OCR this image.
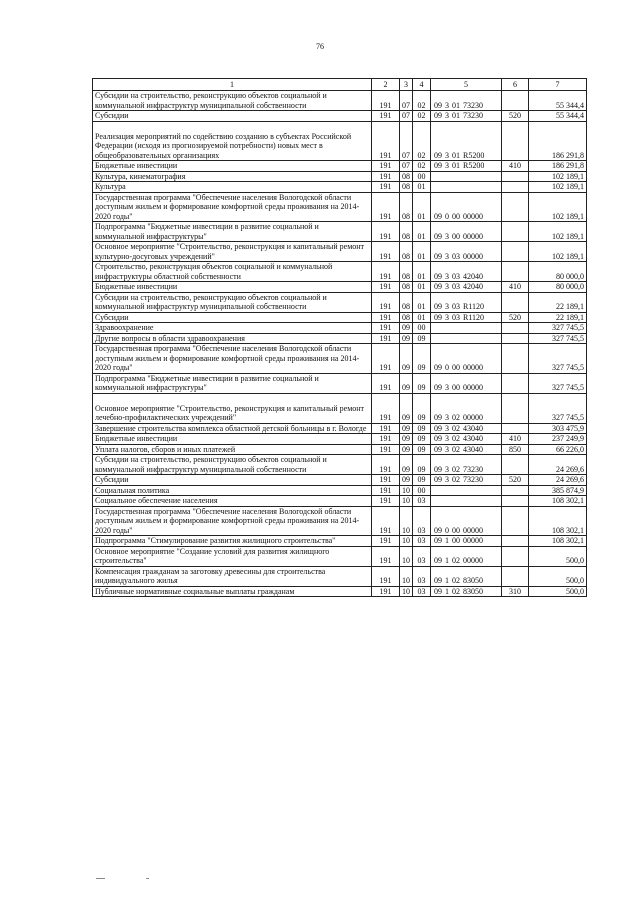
76
1	2	3	4	5	6	7
Субсидии на строительство, реконструкцию объектов социальной и коммунальной инфраструктур муниципальной собственности	191	07	02	09 3 01 73230		55 344,4
Субсидии	191	07	02	09 3 01 73230	520	55 344,4
Реализация мероприятий по содействию созданию в субъектах Российской Федерации (исходя из прогнозируемой потребности) новых мест в общеобразовательных организациях	191	07	02	09 3 01 R5200		186 291,8
Бюджетные инвестиции	191	07	02	09 3 01 R5200	410	186 291,8
Культура, кинематография	191	08	00			102 189,1
Культура	191	08	01			102 189,1
Государственная программа "Обеспечение населения Вологодской области доступным жильем и формирование комфортной среды проживания на 2014-2020 годы"	191	08	01	09 0 00 00000		102 189,1
Подпрограмма "Бюджетные инвестиции в развитие социальной и коммунальной инфраструктуры"	191	08	01	09 3 00 00000		102 189,1
Основное мероприятие "Строительство, реконструкция и капитальный ремонт культурно-досуговых учреждений"	191	08	01	09 3 03 00000		102 189,1
Строительство, реконструкция объектов социальной и коммунальной инфраструктуры областной собственности	191	08	01	09 3 03 42040		80 000,0
Бюджетные инвестиции	191	08	01	09 3 03 42040	410	80 000,0
Субсидии на строительство, реконструкцию объектов социальной и коммунальной инфраструктур муниципальной собственности	191	08	01	09 3 03 R1120		22 189,1
Субсидии	191	08	01	09 3 03 R1120	520	22 189,1
Здравоохранение	191	09	00			327 745,5
Другие вопросы в области здравоохранения	191	09	09			327 745,5
Государственная программа "Обеспечение населения Вологодской области доступным жильем и формирование комфортной среды проживания на 2014-2020 годы"	191	09	09	09 0 00 00000		327 745,5
Подпрограмма "Бюджетные инвестиции в развитие социальной и коммунальной инфраструктуры"	191	09	09	09 3 00 00000		327 745,5
Основное мероприятие "Строительство, реконструкция и капитальный ремонт лечебно-профилактических учреждений"	191	09	09	09 3 02 00000		327 745,5
Завершение строительства комплекса областной детской больницы в г. Вологде	191	09	09	09 3 02 43040		303 475,9
Бюджетные инвестиции	191	09	09	09 3 02 43040	410	237 249,9
Уплата налогов, сборов и иных платежей	191	09	09	09 3 02 43040	850	66 226,0
Субсидии на строительство, реконструкцию объектов социальной и коммунальной инфраструктур муниципальной собственности	191	09	09	09 3 02 73230		24 269,6
Субсидии	191	09	09	09 3 02 73230	520	24 269,6
Социальная политика	191	10	00			385 874,9
Социальное обеспечение населения	191	10	03			108 302,1
Государственная программа "Обеспечение населения Вологодской области доступным жильем и формирование комфортной среды проживания на 2014-2020 годы"	191	10	03	09 0 00 00000		108 302,1
Подпрограмма "Стимулирование развития жилищного строительства"	191	10	03	09 1 00 00000		108 302,1
Основное мероприятие "Создание условий для развития жилищного строительства"	191	10	03	09 1 02 00000		500,0
Компенсация гражданам за заготовку древесины для строительства индивидуального жилья	191	10	03	09 1 02 83050		500,0
Публичные нормативные социальные выплаты гражданам	191	10	03	09 1 02 83050	310	500,0
